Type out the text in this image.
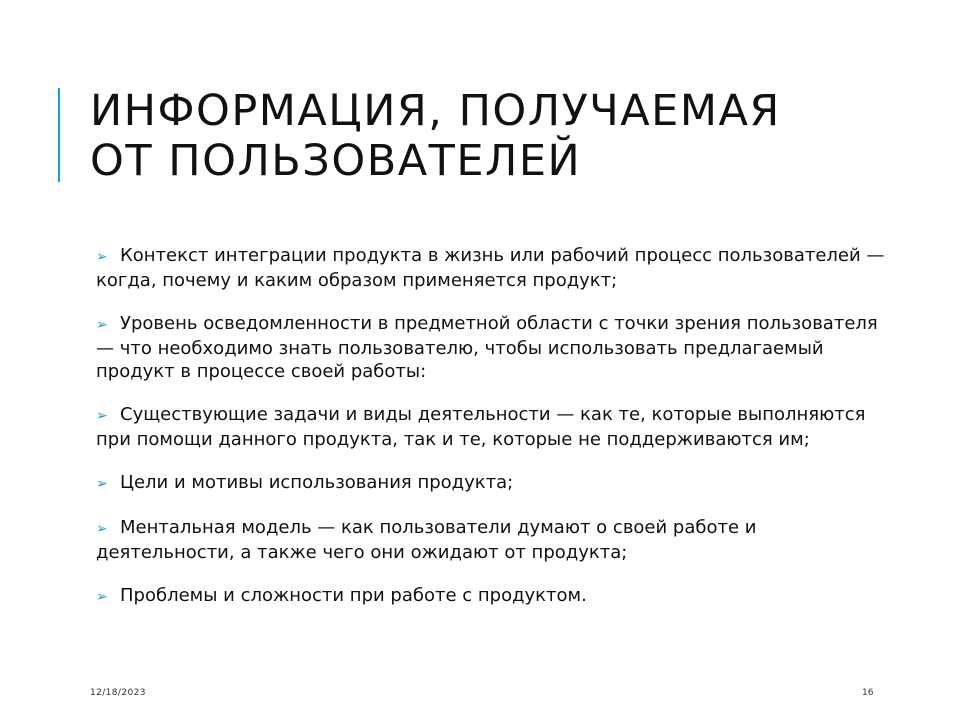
ИНФОРМАЦИЯ, ПОЛУЧАЕМАЯ
ОТ ПОЛЬЗОВАТЕЛЕЙ
➢ Контекст интеграции продукта в жизнь или рабочий процесс пользователей — когда, почему и каким образом применяется продукт;
➢ Уровень осведомленности в предметной области с точки зрения пользователя — что необходимо знать пользователю, чтобы использовать предлагаемый продукт в процессе своей работы:
➢ Существующие задачи и виды деятельности — как те, которые выполняются при помощи данного продукта, так и те, которые не поддерживаются им;
➢ Цели и мотивы использования продукта;
➢ Ментальная модель — как пользователи думают о своей работе и деятельности, а также чего они ожидают от продукта;
➢ Проблемы и сложности при работе с продуктом.
12/18/2023	16
